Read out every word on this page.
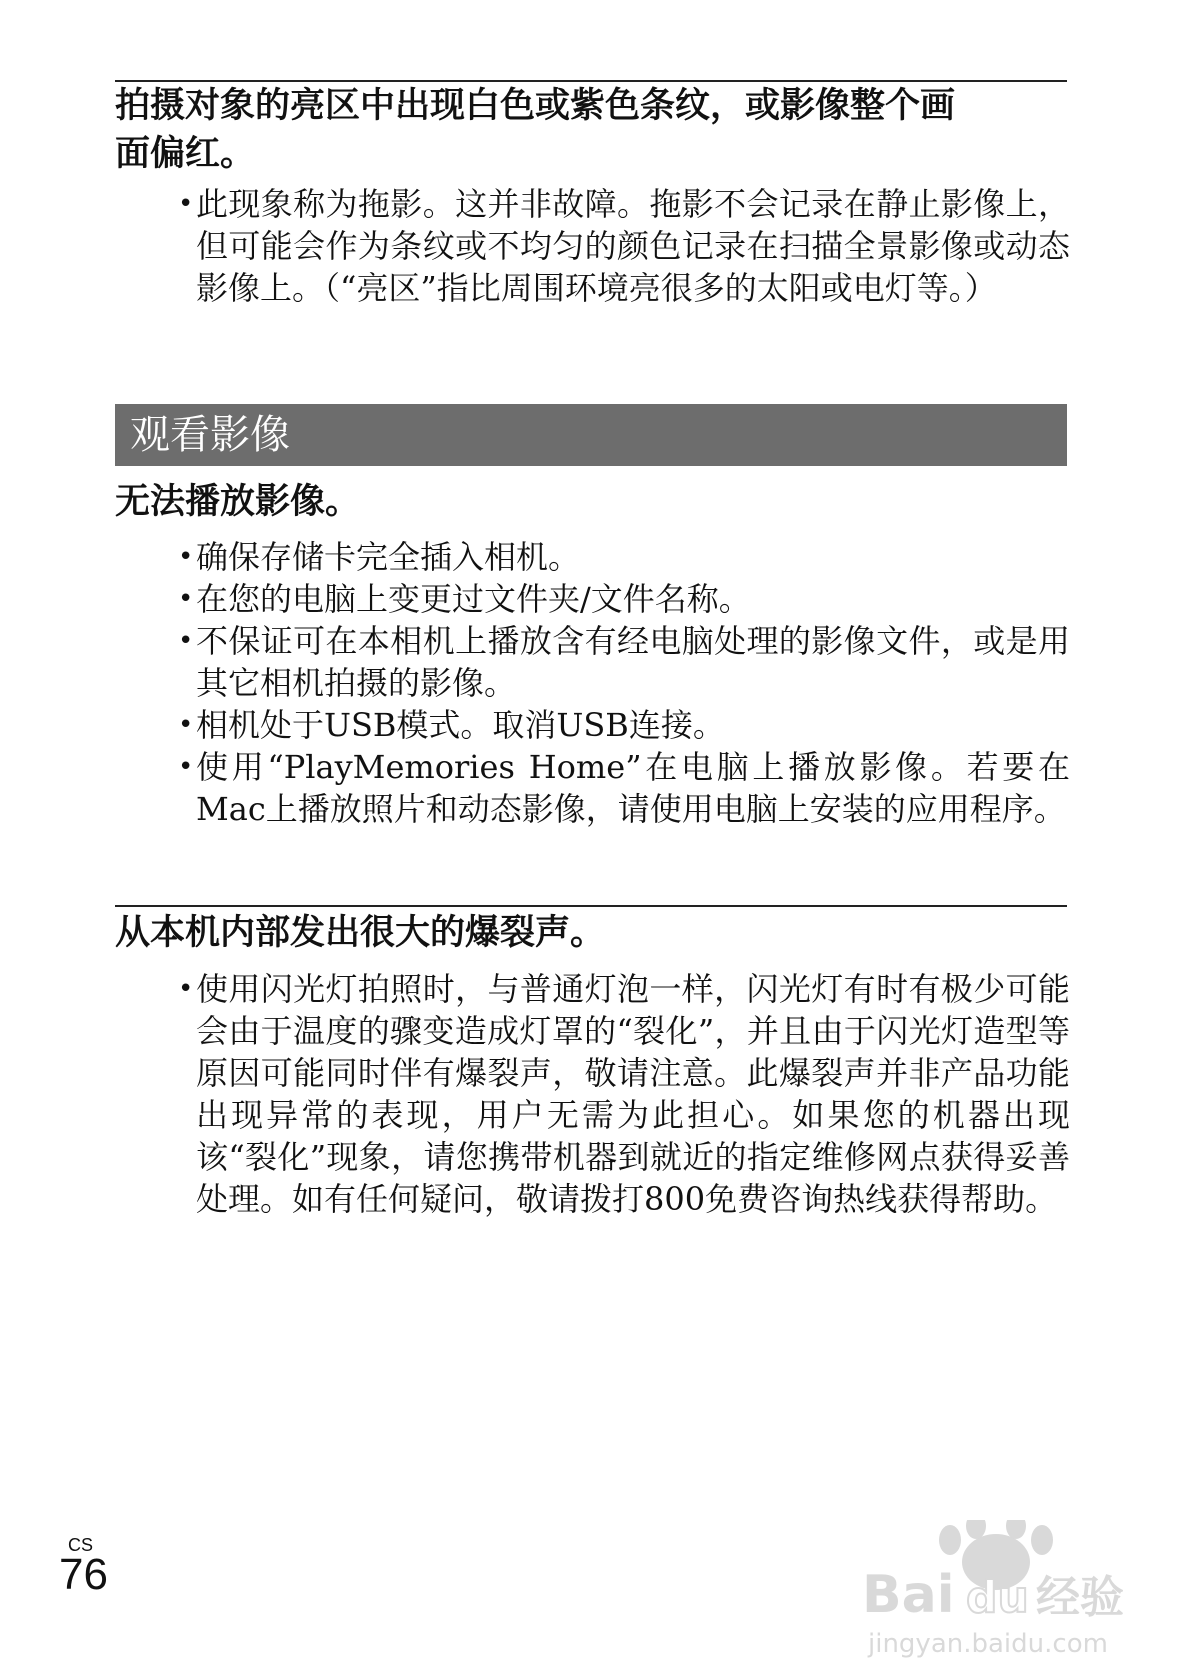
拍摄对象的亮区中出现白色或紫色条纹，或影像整个画
面偏红。
• 此现象称为拖影。这并非故障。拖影不会记录在静止影像上，但可能会作为条纹或不均匀的颜色记录在扫描全景影像或动态影像上。（“亮区”指比周围环境亮很多的太阳或电灯等。）
观看影像
无法播放影像。
• 确保存储卡完全插入相机。
• 在您的电脑上变更过文件夹/文件名称。
• 不保证可在本相机上播放含有经电脑处理的影像文件，或是用其它相机拍摄的影像。
• 相机处于USB模式。取消USB连接。
• 使用“PlayMemories Home”在电脑上播放影像。若要在Mac上播放照片和动态影像，请使用电脑上安装的应用程序。
从本机内部发出很大的爆裂声。
• 使用闪光灯拍照时，与普通灯泡一样，闪光灯有时有极少可能会由于温度的骤变造成灯罩的“裂化”，并且由于闪光灯造型等原因可能同时伴有爆裂声，敬请注意。此爆裂声并非产品功能出现异常的表现，用户无需为此担心。如果您的机器出现该“裂化”现象，请您携带机器到就近的指定维修网点获得妥善处理。如有任何疑问，敬请拨打800免费咨询热线获得帮助。
CS
76	Bai du 经验
jingyan.baidu.com
